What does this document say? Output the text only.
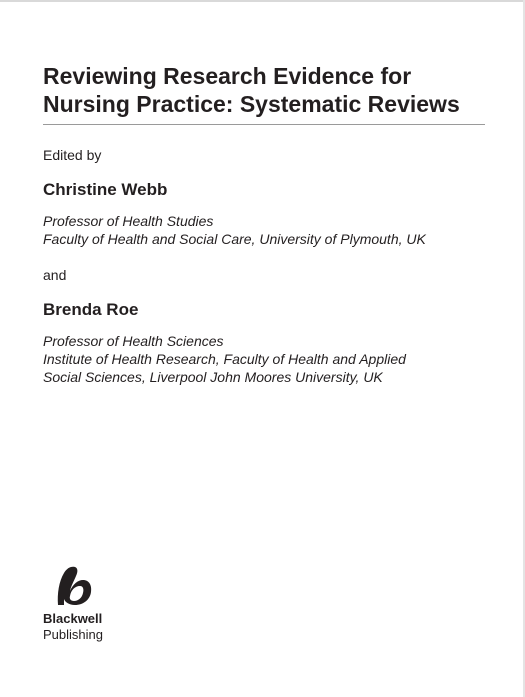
Reviewing Research Evidence for
Nursing Practice: Systematic Reviews
Edited by
Christine Webb
Professor of Health Studies
Faculty of Health and Social Care, University of Plymouth, UK
and
Brenda Roe
Professor of Health Sciences
Institute of Health Research, Faculty of Health and Applied
Social Sciences, Liverpool John Moores University, UK
Blackwell
Publishing
